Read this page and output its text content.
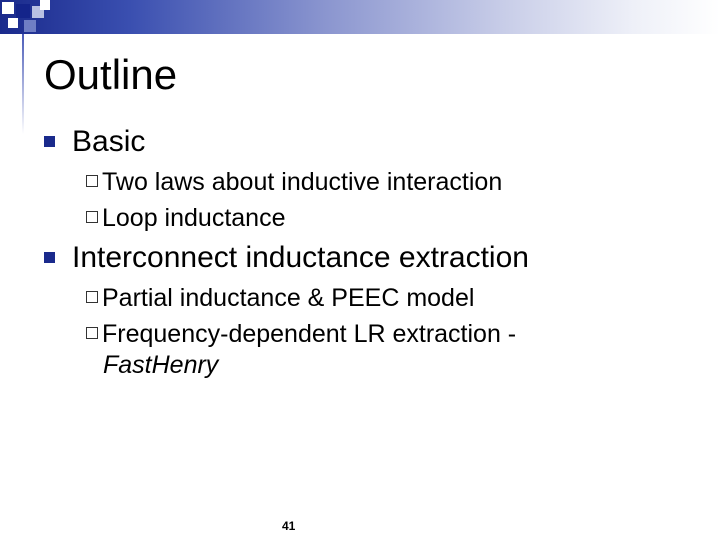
Outline
Basic
Two laws about inductive interaction
Loop inductance
Interconnect inductance extraction
Partial inductance & PEEC model
Frequency-dependent LR extraction -
FastHenry
41
